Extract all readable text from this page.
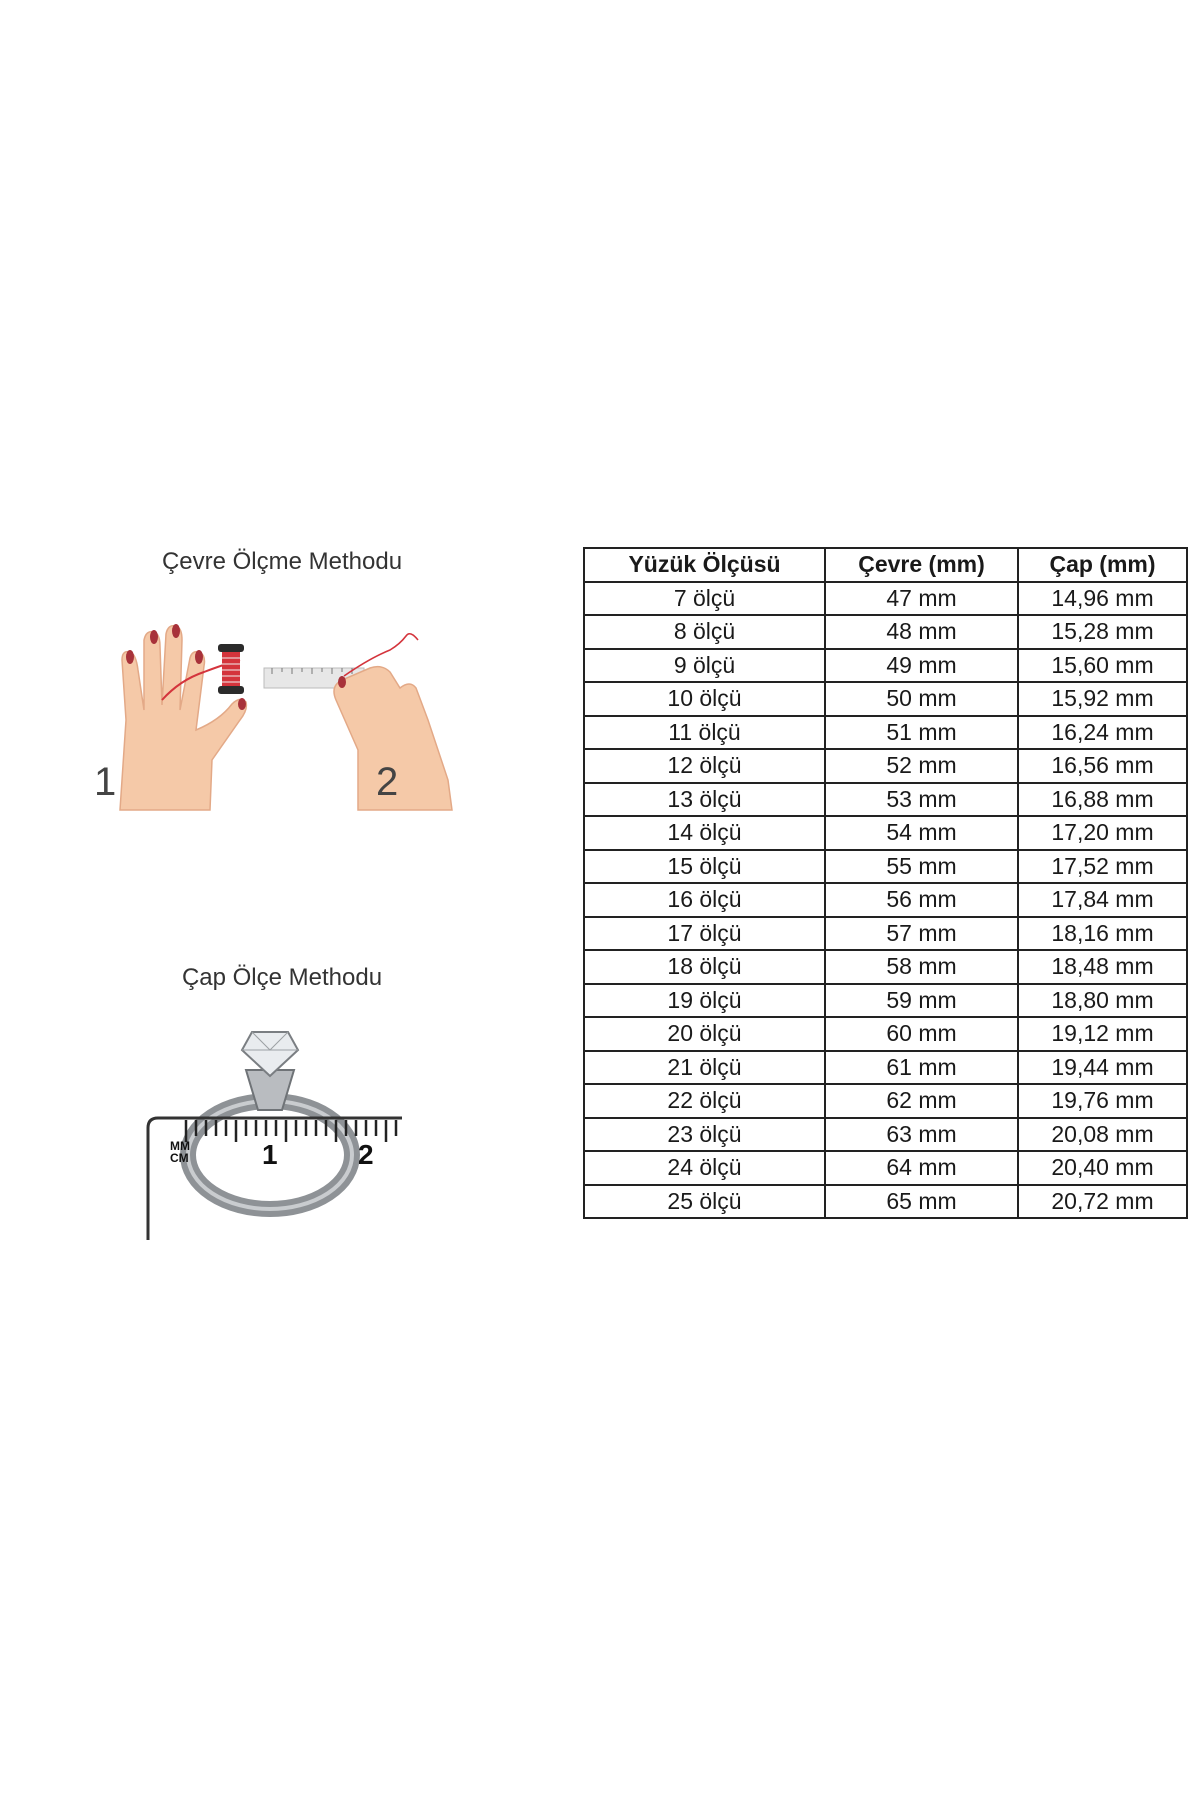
Çevre Ölçme Methodu
1	2
Çap Ölçe Methodu
MM
CM	1	2
Yüzük Ölçüsü	Çevre (mm)	Çap (mm)
7 ölçü	47 mm	14,96 mm
8 ölçü	48 mm	15,28 mm
9 ölçü	49 mm	15,60 mm
10 ölçü	50 mm	15,92 mm
11 ölçü	51 mm	16,24 mm
12 ölçü	52 mm	16,56 mm
13 ölçü	53 mm	16,88 mm
14 ölçü	54 mm	17,20 mm
15 ölçü	55 mm	17,52 mm
16 ölçü	56 mm	17,84 mm
17 ölçü	57 mm	18,16 mm
18 ölçü	58 mm	18,48 mm
19 ölçü	59 mm	18,80 mm
20 ölçü	60 mm	19,12 mm
21 ölçü	61 mm	19,44 mm
22 ölçü	62 mm	19,76 mm
23 ölçü	63 mm	20,08 mm
24 ölçü	64 mm	20,40 mm
25 ölçü	65 mm	20,72 mm
